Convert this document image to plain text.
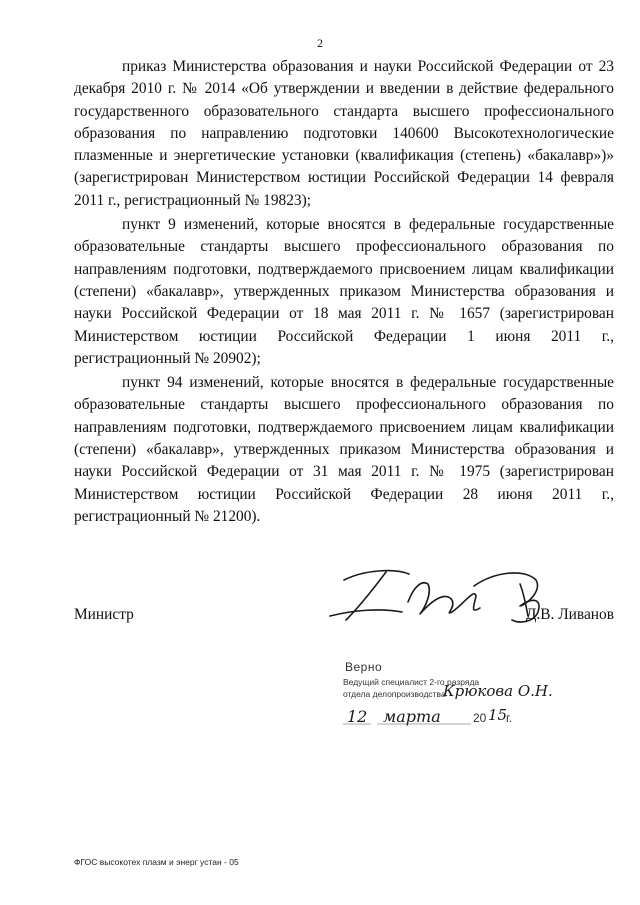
2

приказ Министерства образования и науки Российской Федерации от 23 декабря 2010 г. № 2014 «Об утверждении и введении в действие федерального государственного образовательного стандарта высшего профессионального образования по направлению подготовки 140600 Высокотехнологические плазменные и энергетические установки (квалификация (степень) «бакалавр»)» (зарегистрирован Министерством юстиции Российской Федерации 14 февраля 2011 г., регистрационный № 19823);

пункт 9 изменений, которые вносятся в федеральные государственные образовательные стандарты высшего профессионального образования по направлениям подготовки, подтверждаемого присвоением лицам квалификации (степени) «бакалавр», утвержденных приказом Министерства образования и науки Российской Федерации от 18 мая 2011 г. № 1657 (зарегистрирован Министерством юстиции Российской Федерации 1 июня 2011 г., регистрационный № 20902);

пункт 94 изменений, которые вносятся в федеральные государственные образовательные стандарты высшего профессионального образования по направлениям подготовки, подтверждаемого присвоением лицам квалификации (степени) «бакалавр», утвержденных приказом Министерства образования и науки Российской Федерации от 31 мая 2011 г. № 1975 (зарегистрирован Министерством юстиции Российской Федерации 28 июня 2011 г., регистрационный № 21200).

Министр	Д.В. Ливанов
Верно
Ведущий специалист 2-го разряда
отдела делопроизводства
Крюкова О.Н.
12 марта	20 15
г.
ФГОС высокотех плазм и энерг устан - 05
